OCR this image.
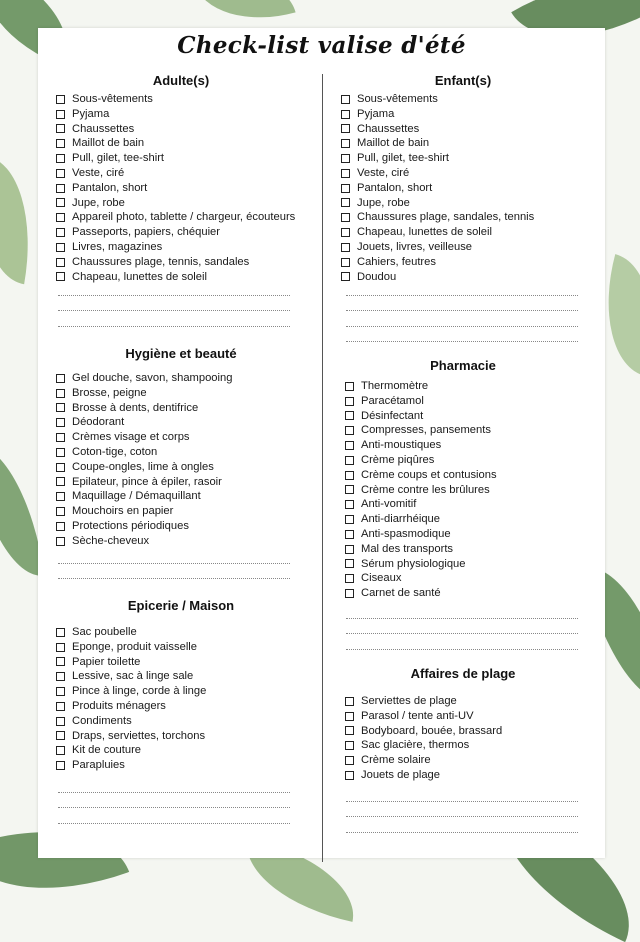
Check-list valise d'été
Adulte(s)
Sous-vêtements
Pyjama
Chaussettes
Maillot de bain
Pull, gilet, tee-shirt
Veste, ciré
Pantalon, short
Jupe, robe
Appareil photo, tablette / chargeur, écouteurs
Passeports, papiers, chéquier
Livres, magazines
Chaussures plage, tennis, sandales
Chapeau, lunettes de soleil
Hygiène et beauté
Gel douche, savon, shampooing
Brosse, peigne
Brosse à dents, dentifrice
Déodorant
Crèmes visage et corps
Coton-tige, coton
Coupe-ongles, lime à ongles
Epilateur, pince à épiler, rasoir
Maquillage / Démaquillant
Mouchoirs en papier
Protections périodiques
Sèche-cheveux
Epicerie / Maison
Sac poubelle
Eponge, produit vaisselle
Papier toilette
Lessive, sac à linge sale
Pince à linge, corde à linge
Produits ménagers
Condiments
Draps, serviettes, torchons
Kit de couture
Parapluies
Enfant(s)
Sous-vêtements
Pyjama
Chaussettes
Maillot de bain
Pull, gilet, tee-shirt
Veste, ciré
Pantalon, short
Jupe, robe
Chaussures plage, sandales, tennis
Chapeau, lunettes de soleil
Jouets, livres, veilleuse
Cahiers, feutres
Doudou
Pharmacie
Thermomètre
Paracétamol
Désinfectant
Compresses, pansements
Anti-moustiques
Crème piqûres
Crème coups et contusions
Crème contre les brûlures
Anti-vomitif
Anti-diarrhéique
Anti-spasmodique
Mal des transports
Sérum physiologique
Ciseaux
Carnet de santé
Affaires de plage
Serviettes de plage
Parasol / tente anti-UV
Bodyboard, bouée, brassard
Sac glacière, thermos
Crème solaire
Jouets de plage
